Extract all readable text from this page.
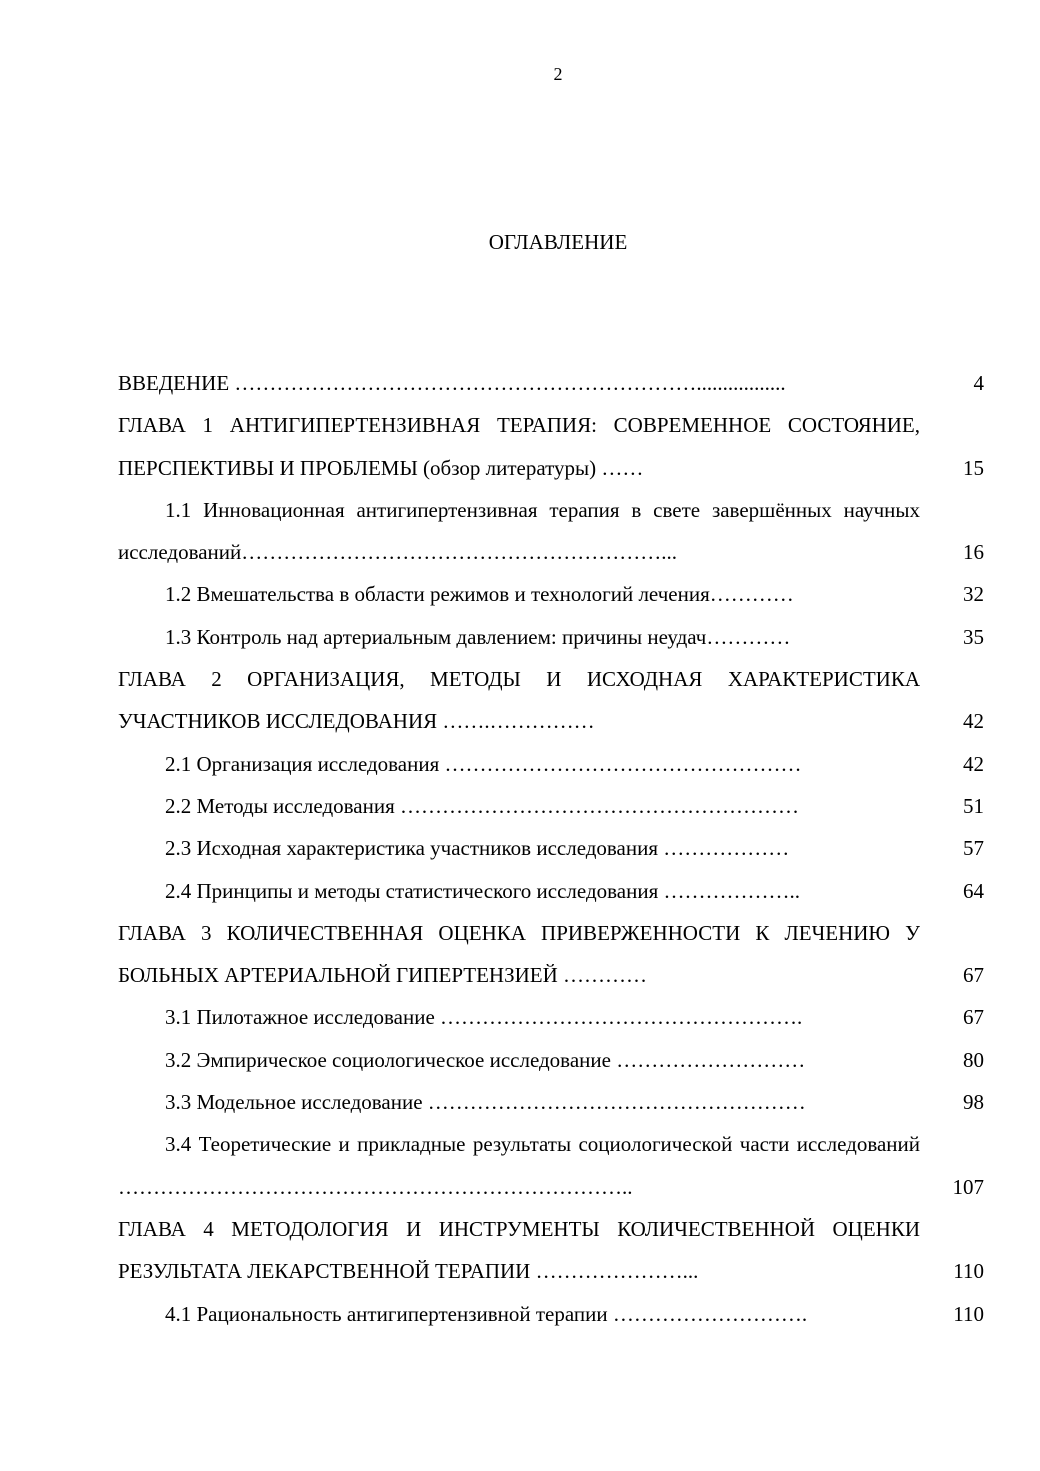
2
ОГЛАВЛЕНИЕ
ВВЕДЕНИЕ ………………………………………………………….................	4
ГЛАВА 1 АНТИГИПЕРТЕНЗИВНАЯ ТЕРАПИЯ: СОВРЕМЕННОЕ СОСТОЯНИЕ, ПЕРСПЕКТИВЫ И ПРОБЛЕМЫ (обзор литературы) ……	15
1.1 Инновационная антигипертензивная терапия в свете завершённых научных исследований……………………………………………………...	16
1.2 Вмешательства в области режимов и технологий лечения…………	32
1.3 Контроль над артериальным давлением: причины неудач…………	35
ГЛАВА 2 ОРГАНИЗАЦИЯ, МЕТОДЫ И ИСХОДНАЯ ХАРАКТЕРИСТИКА УЧАСТНИКОВ ИССЛЕДОВАНИЯ …….……………	42
2.1 Организация исследования ……………………………………………	42
2.2 Методы исследования …………………………………………………	51
2.3 Исходная характеристика участников исследования ………………	57
2.4 Принципы и методы статистического исследования ………………..	64
ГЛАВА 3 КОЛИЧЕСТВЕННАЯ ОЦЕНКА ПРИВЕРЖЕННОСТИ К ЛЕЧЕНИЮ У БОЛЬНЫХ АРТЕРИАЛЬНОЙ ГИПЕРТЕНЗИЕЙ …………	67
3.1 Пилотажное исследование …………………………………………….	67
3.2 Эмпирическое социологическое исследование ………………………	80
3.3 Модельное исследование ………………………………………………	98
3.4 Теоретические и прикладные результаты социологической части исследований ………………………………………………………………..	107
ГЛАВА 4 МЕТОДОЛОГИЯ И ИНСТРУМЕНТЫ КОЛИЧЕСТВЕННОЙ ОЦЕНКИ РЕЗУЛЬТАТА ЛЕКАРСТВЕННОЙ ТЕРАПИИ …………………...	110
4.1 Рациональность антигипертензивной терапии ……………………….	110
